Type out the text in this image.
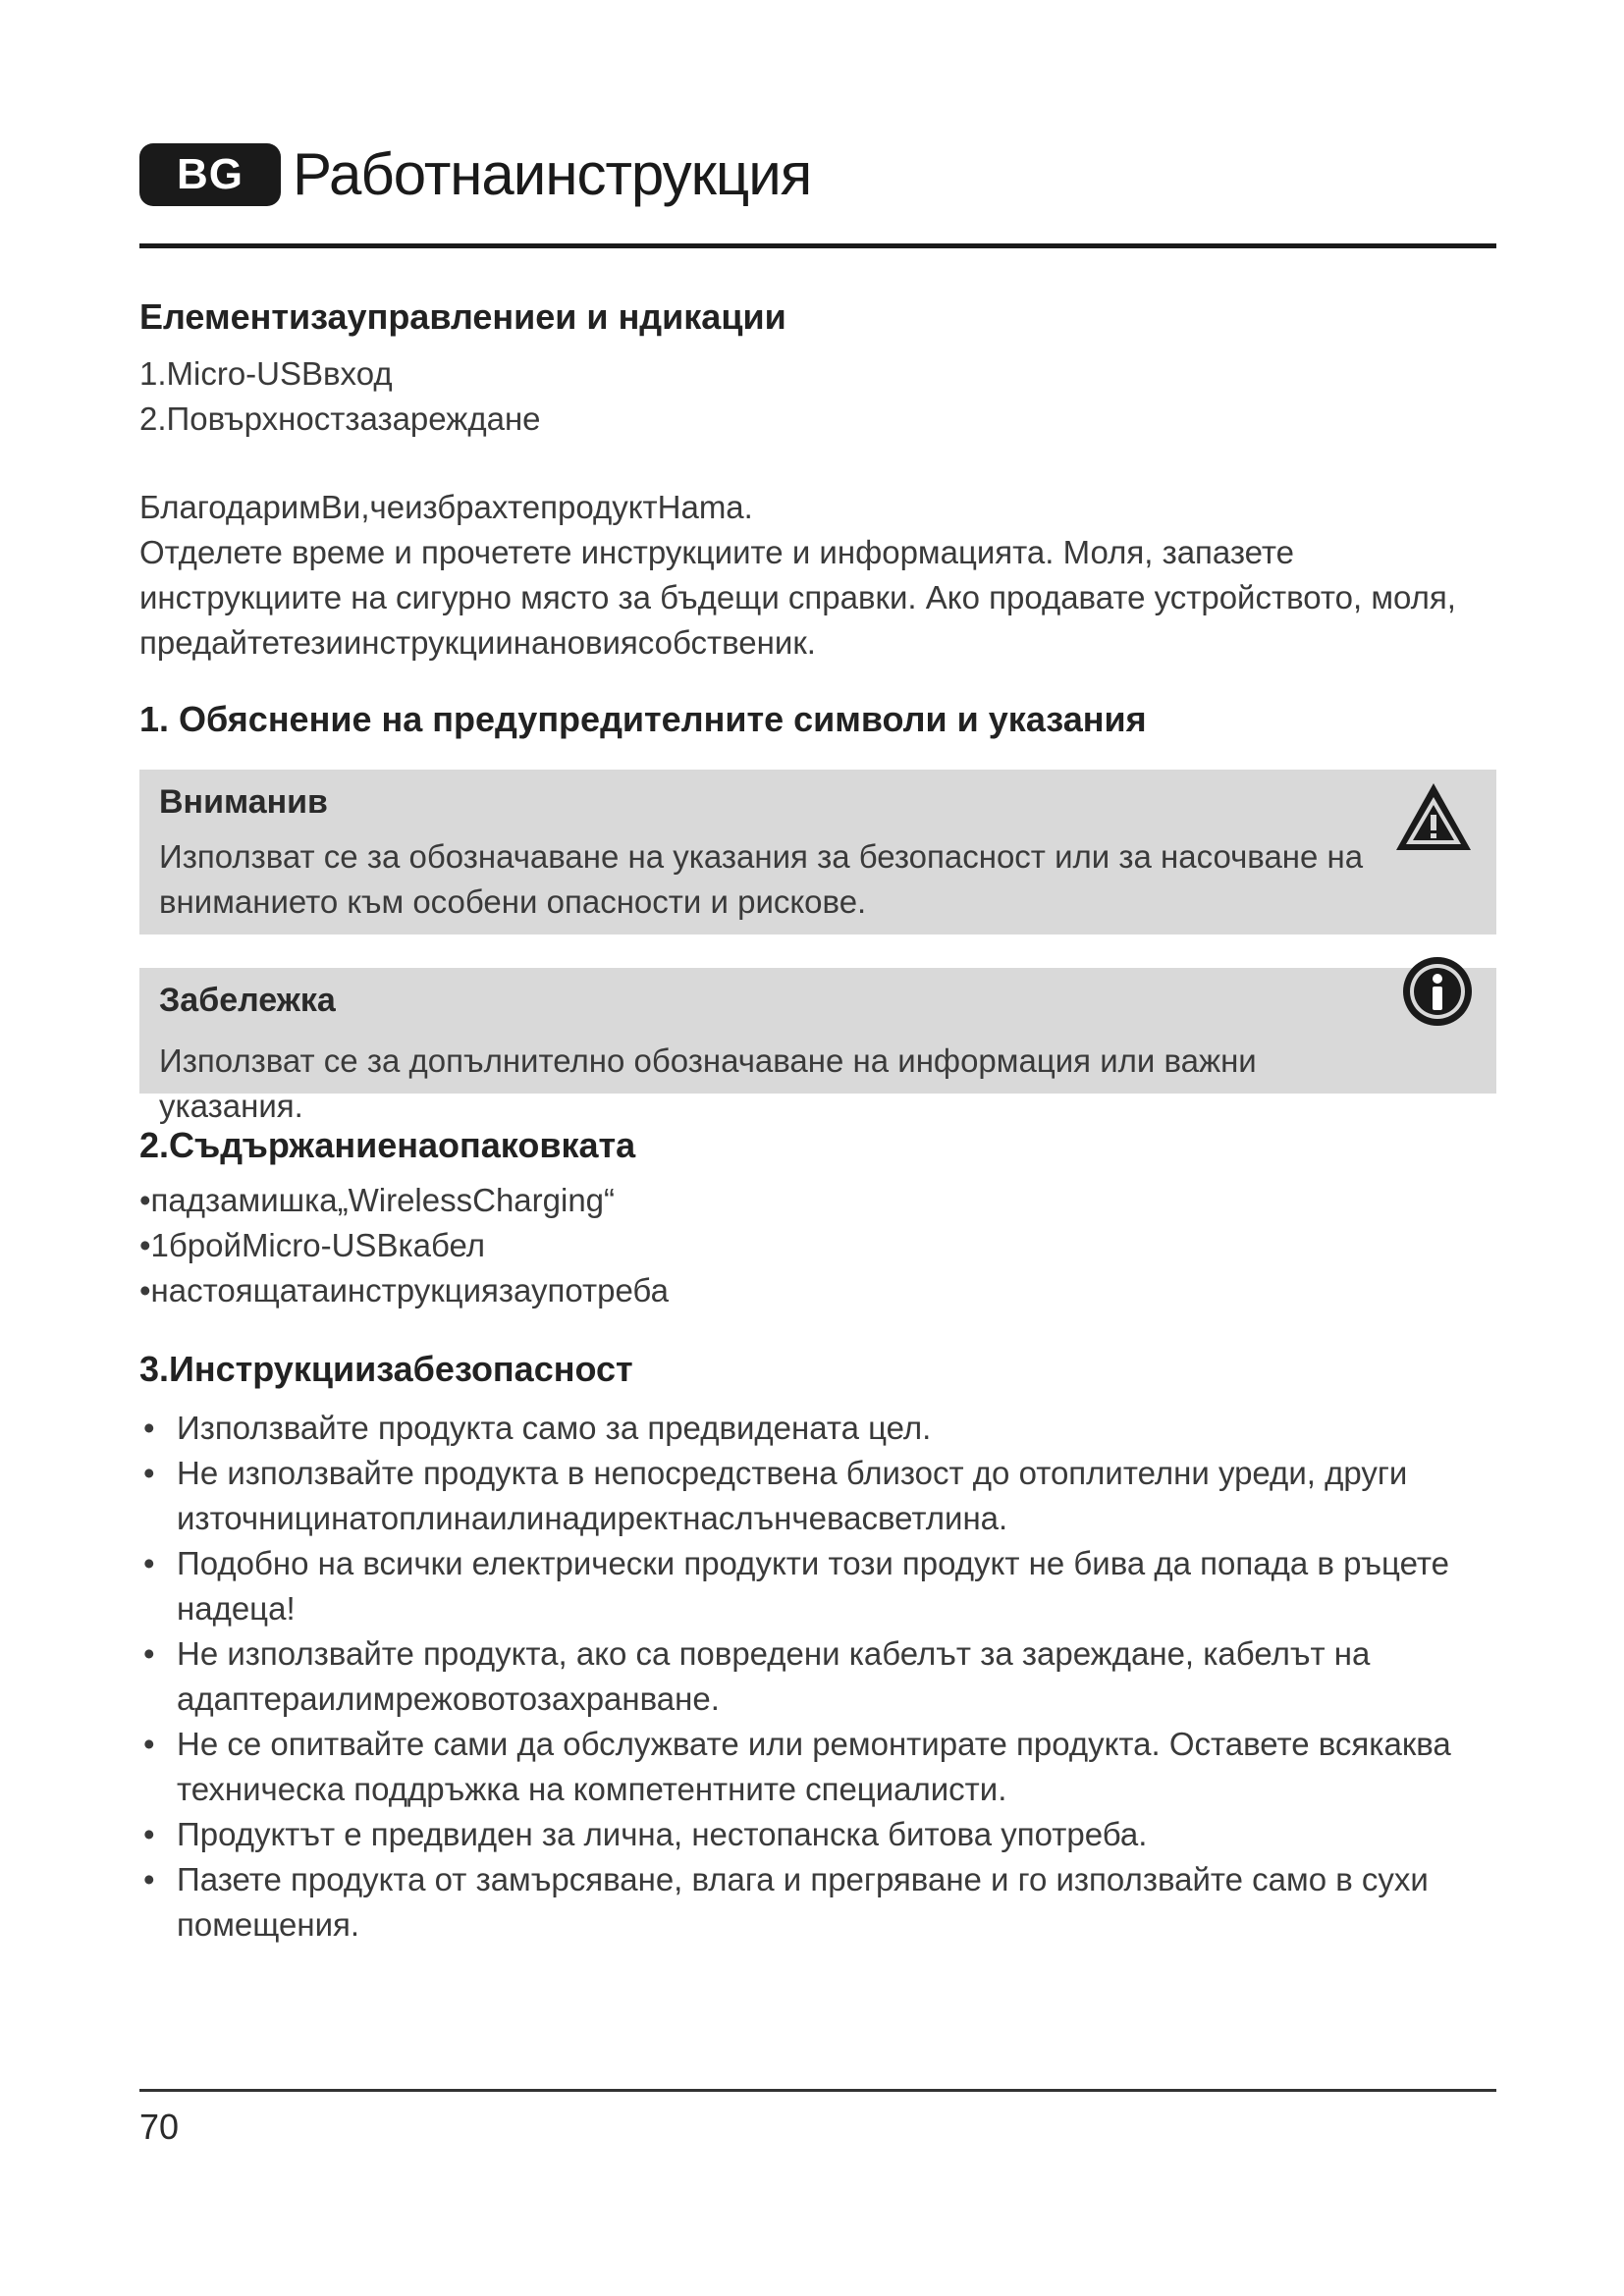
BG Работнаинструкция
Елементизауправлениеи и ндикации
1.Micro-USBвход
2.Повърхностзазареждане
БлагодаримВи,чеизбрахтепродуктHama.
Отделете време и прочетете инструкциите и информацията. Моля, запазете инструкциите на сигурно място за бъдещи справки. Ако продавате устройството, моля, предайтетезиинструкциинановиясобственик.
1. Обяснение на предупредителните символи и указания
Вниманив
Използват се за обозначаване на указания за безопасност или за насочване на вниманието към особени опасности и рискове.
Забележка
Използват се за допълнително обозначаване на информация или важни указания.
2.Съдържаниенаопаковката
•падзамишка„WirelessCharging“
•1бройMicro-USBкабел
•настоящатаинструкциязаупотреба
3.Инструкциизабезопасност
• Използвайте продукта само за предвидената цел.
• Не използвайте продукта в непосредствена близост до отоплителни уреди, други източницинатоплинаилинадиректнаслънчевасветлина.
• Подобно на всички електрически продукти този продукт не бива да попада в ръцете надеца!
• Не използвайте продукта, ако са повредени кабелът за зареждане, кабелът на адаптераилимрежовотозахранване.
• Не се опитвайте сами да обслужвате или ремонтирате продукта. Оставете всякаква техническа поддръжка на компетентните специалисти.
• Продуктът е предвиден за лична, нестопанска битова употреба.
• Пазете продукта от замърсяване, влага и прегряване и го използвайте само в сухи помещения.
70
